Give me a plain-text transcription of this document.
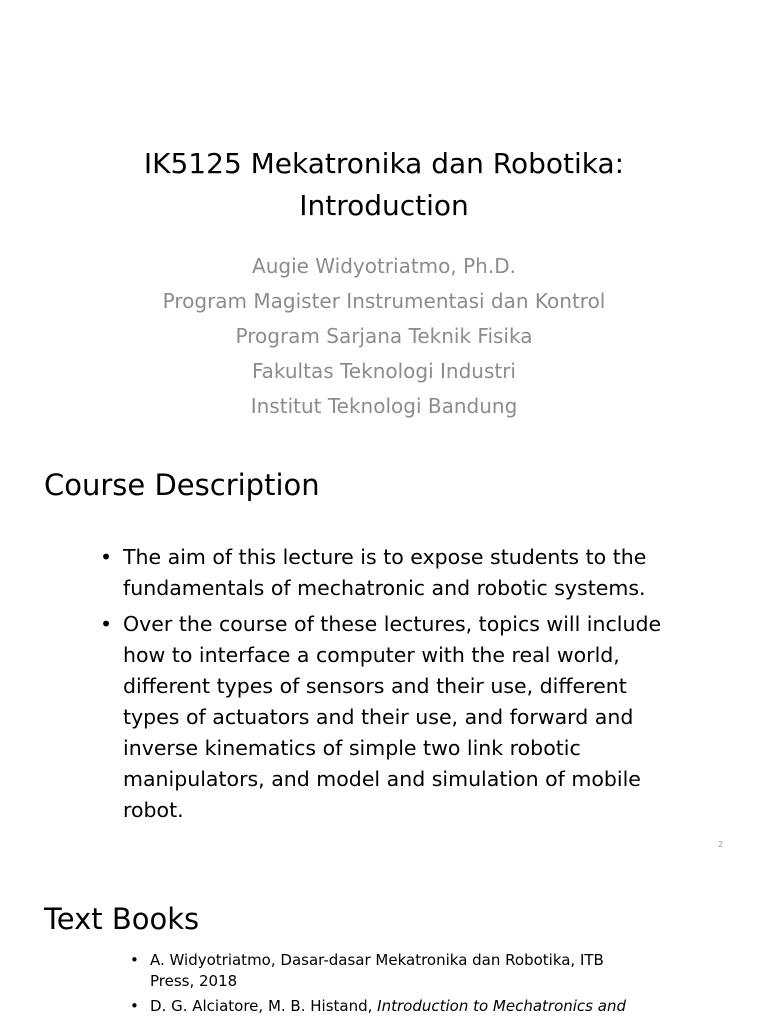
IK5125 Mekatronika dan Robotika:
Introduction
Augie Widyotriatmo, Ph.D.
Program Magister Instrumentasi dan Kontrol
Program Sarjana Teknik Fisika
Fakultas Teknologi Industri
Institut Teknologi Bandung
Course Description
• The aim of this lecture is to expose students to the fundamentals of mechatronic and robotic systems.
• Over the course of these lectures, topics will include how to interface a computer with the real world, different types of sensors and their use, different types of actuators and their use, and forward and inverse kinematics of simple two link robotic manipulators, and model and simulation of mobile robot.
2
Text Books
• A. Widyotriatmo, Dasar-dasar Mekatronika dan Robotika, ITB Press, 2018
• D. G. Alciatore, M. B. Histand, Introduction to Mechatronics and
